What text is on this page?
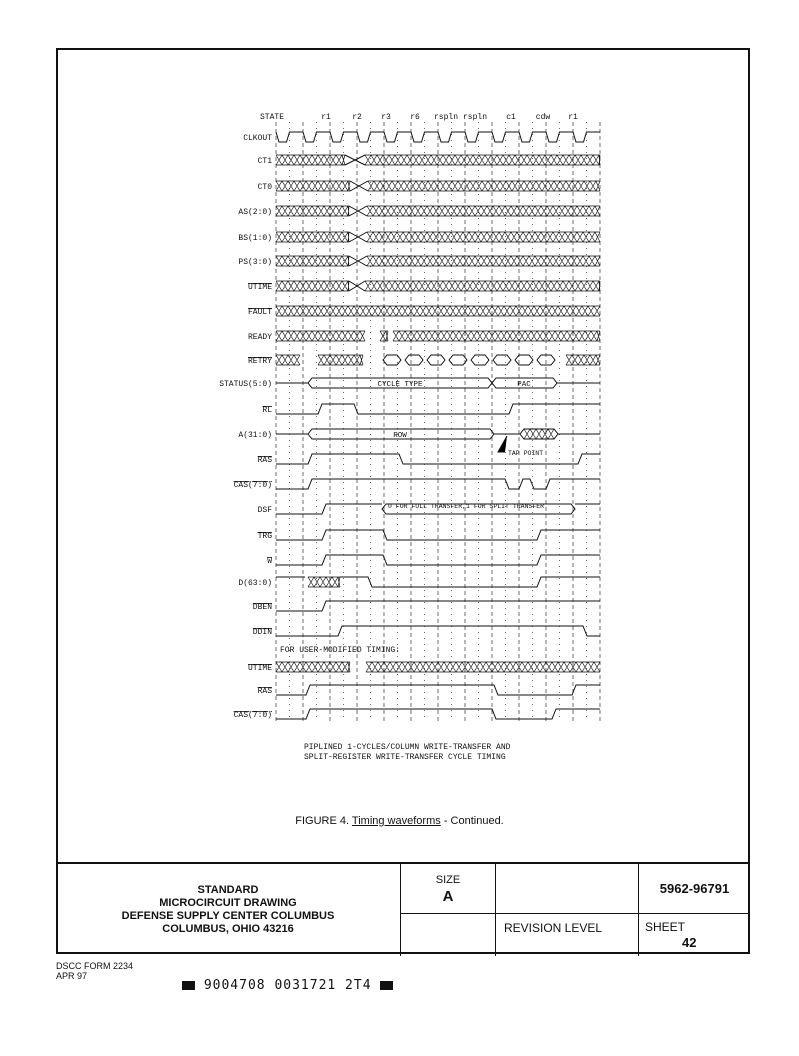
STATE	r1	r2 r3 r6 rspln rspln c1 cdw r1
CLKOUT
CT1
CT0
AS(2:0)
BS(1:0)
PS(3:0)
UTIME
FAULT
READY
RETRY
STATUS(5:0)
RL
A(31:0)
RAS
CAS(7:0)
DSF
TRG
W
D(63:0)
DBEN
DDIN
UTIME
RAS
CAS(7:0)
CYCLE TYPE	PAC
ROW
TAP POINT
0 FOR FULL TRANSFER,1 FOR SPLIT TRANSFER
FOR USER-MODIFIED TIMING:
PIPLINED 1-CYCLES/COLUMN WRITE-TRANSFER AND
SPLIT-REGISTER WRITE-TRANSFER CYCLE TIMING
FIGURE 4. Timing waveforms - Continued.
STANDARD
MICROCIRCUIT DRAWING
DEFENSE SUPPLY CENTER COLUMBUS
COLUMBUS, OHIO 43216
SIZE
A	5962-96791
REVISION LEVEL	SHEET
42
DSCC FORM 2234
APR 97
9004708 0031721 2T4
